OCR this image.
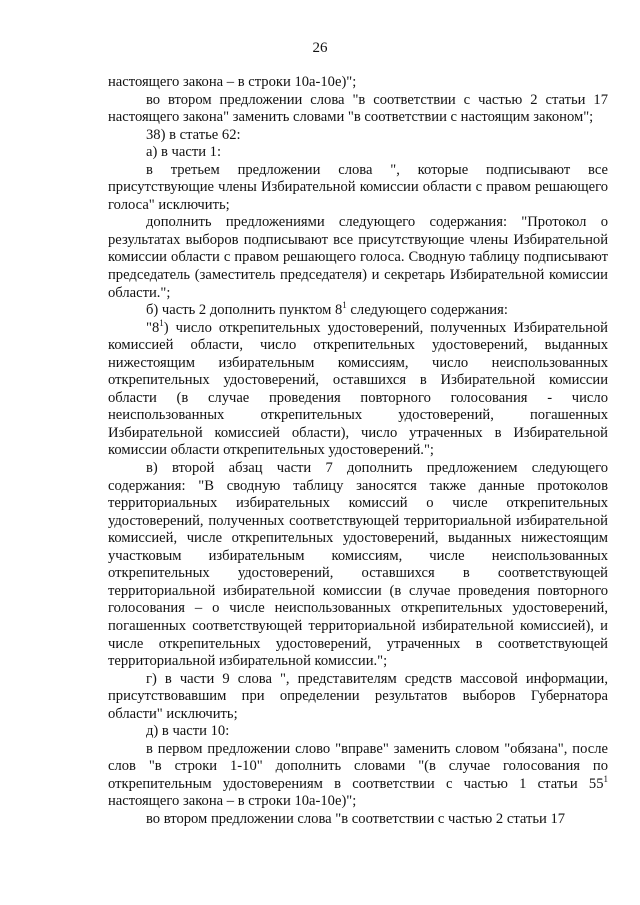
26

настоящего закона – в строки 10а-10е)";

во втором предложении слова "в соответствии с частью 2 статьи 17 настоящего закона" заменить словами "в соответствии с настоящим законом";

38) в статье 62:

а) в части 1:

в третьем предложении слова ", которые подписывают все присутствующие члены Избирательной комиссии области с правом решающего голоса" исключить;

дополнить предложениями следующего содержания: "Протокол о результатах выборов подписывают все присутствующие члены Избирательной комиссии области с правом решающего голоса. Сводную таблицу подписывают председатель (заместитель председателя) и секретарь Избирательной комиссии области.";

б) часть 2 дополнить пунктом $8^1$ следующего содержания:

"$8^1$) число открепительных удостоверений, полученных Избирательной комиссией области, число открепительных удостоверений, выданных нижестоящим избирательным комиссиям, число неиспользованных открепительных удостоверений, оставшихся в Избирательной комиссии области (в случае проведения повторного голосования - число неиспользованных открепительных удостоверений, погашенных Избирательной комиссией области), число утраченных в Избирательной комиссии области открепительных удостоверений.";

в) второй абзац части 7 дополнить предложением следующего содержания: "В сводную таблицу заносятся также данные протоколов территориальных избирательных комиссий о числе открепительных удостоверений, полученных соответствующей территориальной избирательной комиссией, числе открепительных удостоверений, выданных нижестоящим участковым избирательным комиссиям, числе неиспользованных открепительных удостоверений, оставшихся в соответствующей территориальной избирательной комиссии (в случае проведения повторного голосования – о числе неиспользованных открепительных удостоверений, погашенных соответствующей территориальной избирательной комиссией), и числе открепительных удостоверений, утраченных в соответствующей территориальной избирательной комиссии.";

г) в части 9 слова ", представителям средств массовой информации, присутствовавшим при определении результатов выборов Губернатора области" исключить;

д) в части 10:

в первом предложении слово "вправе" заменить словом "обязана", после слов "в строки 1-10" дополнить словами "(в случае голосования по открепительным удостоверениям в соответствии с частью 1 статьи $55^1$ настоящего закона – в строки 10а-10е)";

во втором предложении слова "в соответствии с частью 2 статьи 17
